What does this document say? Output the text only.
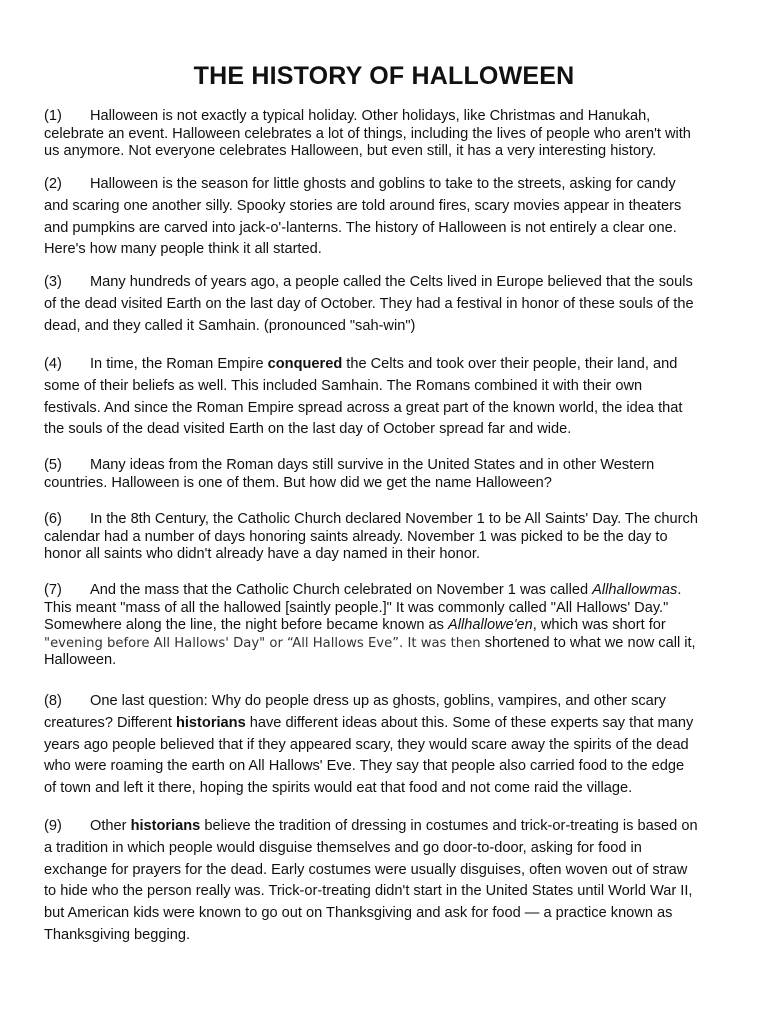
THE HISTORY OF HALLOWEEN
(1) Halloween is not exactly a typical holiday. Other holidays, like Christmas and Hanukah,
celebrate an event. Halloween celebrates a lot of things, including the lives of people who aren't with
us anymore. Not everyone celebrates Halloween, but even still, it has a very interesting history.
(2) Halloween is the season for little ghosts and goblins to take to the streets, asking for candy
and scaring one another silly. Spooky stories are told around fires, scary movies appear in theaters
and pumpkins are carved into jack-o'-lanterns. The history of Halloween is not entirely a clear one.
Here's how many people think it all started.
(3) Many hundreds of years ago, a people called the Celts lived in Europe believed that the souls
of the dead visited Earth on the last day of October. They had a festival in honor of these souls of the
dead, and they called it Samhain. (pronounced "sah-win")
(4) In time, the Roman Empire conquered the Celts and took over their people, their land, and
some of their beliefs as well. This included Samhain. The Romans combined it with their own
festivals. And since the Roman Empire spread across a great part of the known world, the idea that
the souls of the dead visited Earth on the last day of October spread far and wide.
(5) Many ideas from the Roman days still survive in the United States and in other Western
countries. Halloween is one of them. But how did we get the name Halloween?
(6) In the 8th Century, the Catholic Church declared November 1 to be All Saints' Day. The church
calendar had a number of days honoring saints already. November 1 was picked to be the day to
honor all saints who didn't already have a day named in their honor.
(7) And the mass that the Catholic Church celebrated on November 1 was called Allhallowmas.
This meant "mass of all the hallowed [saintly people.]" It was commonly called "All Hallows' Day."
Somewhere along the line, the night before became known as Allhallowe'en, which was short for
"evening before All Hallows' Day" or “All Hallows Eve”. It was then shortened to what we now call it,
Halloween.
(8) One last question: Why do people dress up as ghosts, goblins, vampires, and other scary
creatures? Different historians have different ideas about this. Some of these experts say that many
years ago people believed that if they appeared scary, they would scare away the spirits of the dead
who were roaming the earth on All Hallows' Eve. They say that people also carried food to the edge
of town and left it there, hoping the spirits would eat that food and not come raid the village.
(9) Other historians believe the tradition of dressing in costumes and trick-or-treating is based on
a tradition in which people would disguise themselves and go door-to-door, asking for food in
exchange for prayers for the dead. Early costumes were usually disguises, often woven out of straw
to hide who the person really was. Trick-or-treating didn't start in the United States until World War II,
but American kids were known to go out on Thanksgiving and ask for food — a practice known as
Thanksgiving begging.
